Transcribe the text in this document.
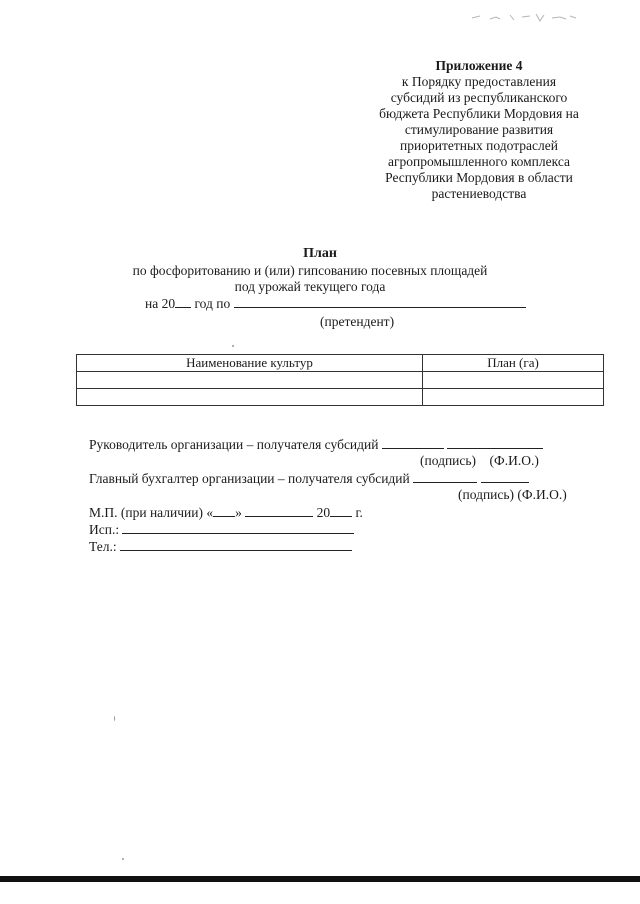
Приложение 4
к Порядку предоставления
субсидий из республиканского
бюджета Республики Мордовия на
стимулирование развития
приоритетных подотраслей
агропромышленного комплекса
Республики Мордовия в области
растениеводства
План
по фосфоритованию и (или) гипсованию посевных площадей
под урожай текущего года
на 20 год по
(претендент)
Наименование культур	План (га)

Руководитель организации – получателя субсидий
(подпись) (Ф.И.О.)
Главный бухгалтер организации – получателя субсидий
(подпись) (Ф.И.О.)
М.П. (при наличии) « »	20 г.
Исп.:
Тел.:
